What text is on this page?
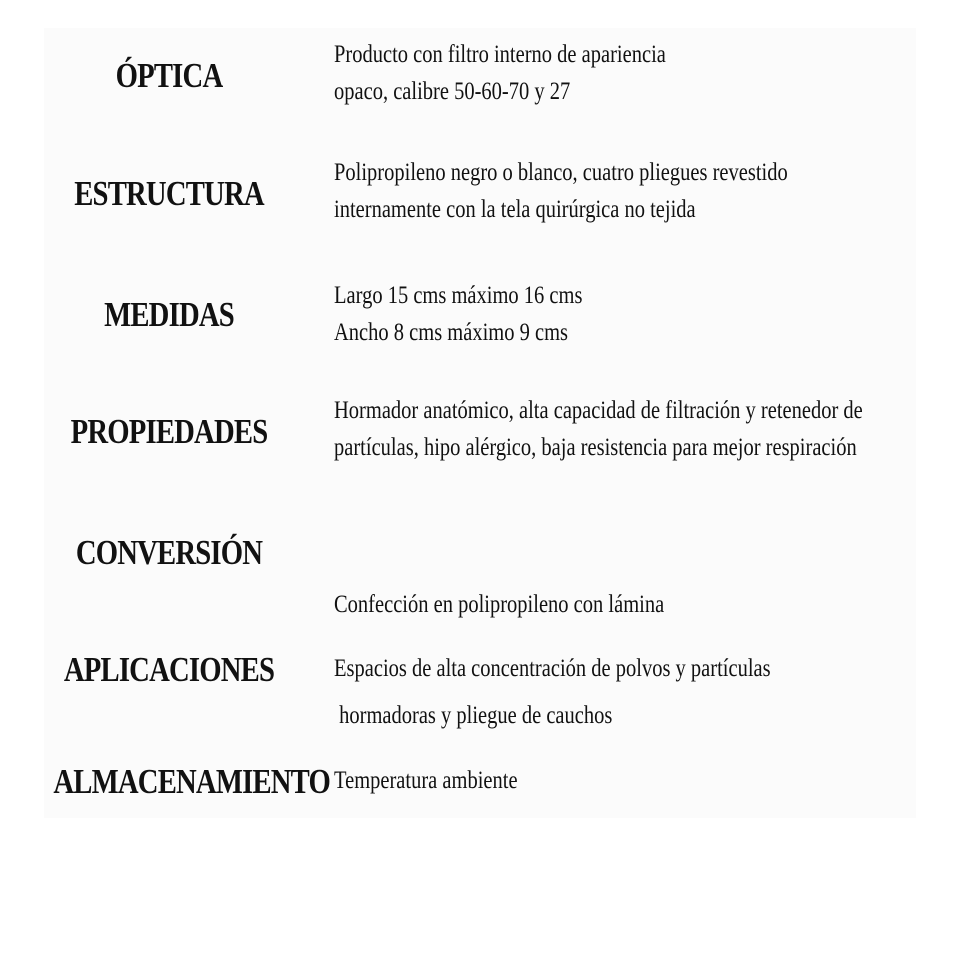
ÓPTICA
Producto con filtro interno de apariencia
opaco, calibre 50-60-70 y 27
ESTRUCTURA
Polipropileno negro o blanco, cuatro pliegues revestido
internamente con la tela quirúrgica no tejida
MEDIDAS	Largo 15 cms máximo 16 cms
Ancho 8 cms máximo 9 cms
PROPIEDADES
Hormador anatómico, alta capacidad de filtración y retenedor de
partículas, hipo alérgico, baja resistencia para mejor respiración
CONVERSIÓN

Confección en polipropileno con lámina

hormadoras y pliegue de cauchos

APLICACIONES	Espacios de alta concentración de polvos y partículas
ALMACENAMIENTO Temperatura ambiente
